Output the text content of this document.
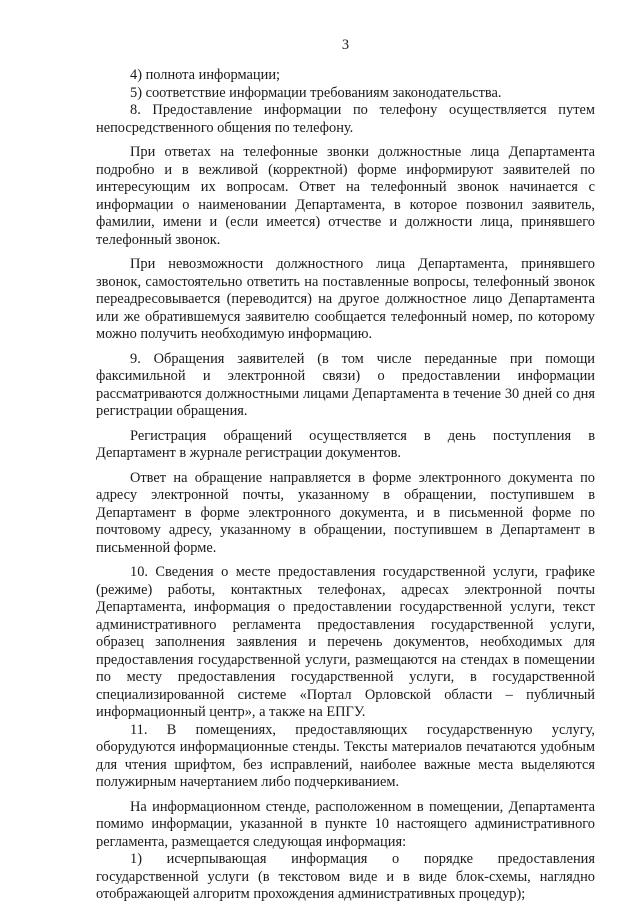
3

4) полнота информации;

5) соответствие информации требованиям законодательства.

8. Предоставление информации по телефону осуществляется путем непосредственного общения по телефону.

При ответах на телефонные звонки должностные лица Департамента подробно и в вежливой (корректной) форме информируют заявителей по интересующим их вопросам. Ответ на телефонный звонок начинается с информации о наименовании Департамента, в которое позвонил заявитель, фамилии, имени и (если имеется) отчестве и должности лица, принявшего телефонный звонок.

При невозможности должностного лица Департамента, принявшего звонок, самостоятельно ответить на поставленные вопросы, телефонный звонок переадресовывается (переводится) на другое должностное лицо Департамента или же обратившемуся заявителю сообщается телефонный номер, по которому можно получить необходимую информацию.

9. Обращения заявителей (в том числе переданные при помощи факсимильной и электронной связи) о предоставлении информации рассматриваются должностными лицами Департамента в течение 30 дней со дня регистрации обращения.

Регистрация обращений осуществляется в день поступления в Департамент в журнале регистрации документов.

Ответ на обращение направляется в форме электронного документа по адресу электронной почты, указанному в обращении, поступившем в Департамент в форме электронного документа, и в письменной форме по почтовому адресу, указанному в обращении, поступившем в Департамент в письменной форме.

10. Сведения о месте предоставления государственной услуги, графике (режиме) работы, контактных телефонах, адресах электронной почты Департамента, информация о предоставлении государственной услуги, текст административного регламента предоставления государственной услуги, образец заполнения заявления и перечень документов, необходимых для предоставления государственной услуги, размещаются на стендах в помещении по месту предоставления государственной услуги, в государственной специализированной системе «Портал Орловской области – публичный информационный центр», а также на ЕПГУ.

11. В помещениях, предоставляющих государственную услугу, оборудуются информационные стенды. Тексты материалов печатаются удобным для чтения шрифтом, без исправлений, наиболее важные места выделяются полужирным начертанием либо подчеркиванием.

На информационном стенде, расположенном в помещении, Департамента помимо информации, указанной в пункте 10 настоящего административного регламента, размещается следующая информация:

1) исчерпывающая информация о порядке предоставления государственной услуги (в текстовом виде и в виде блок-схемы, наглядно отображающей алгоритм прохождения административных процедур);
